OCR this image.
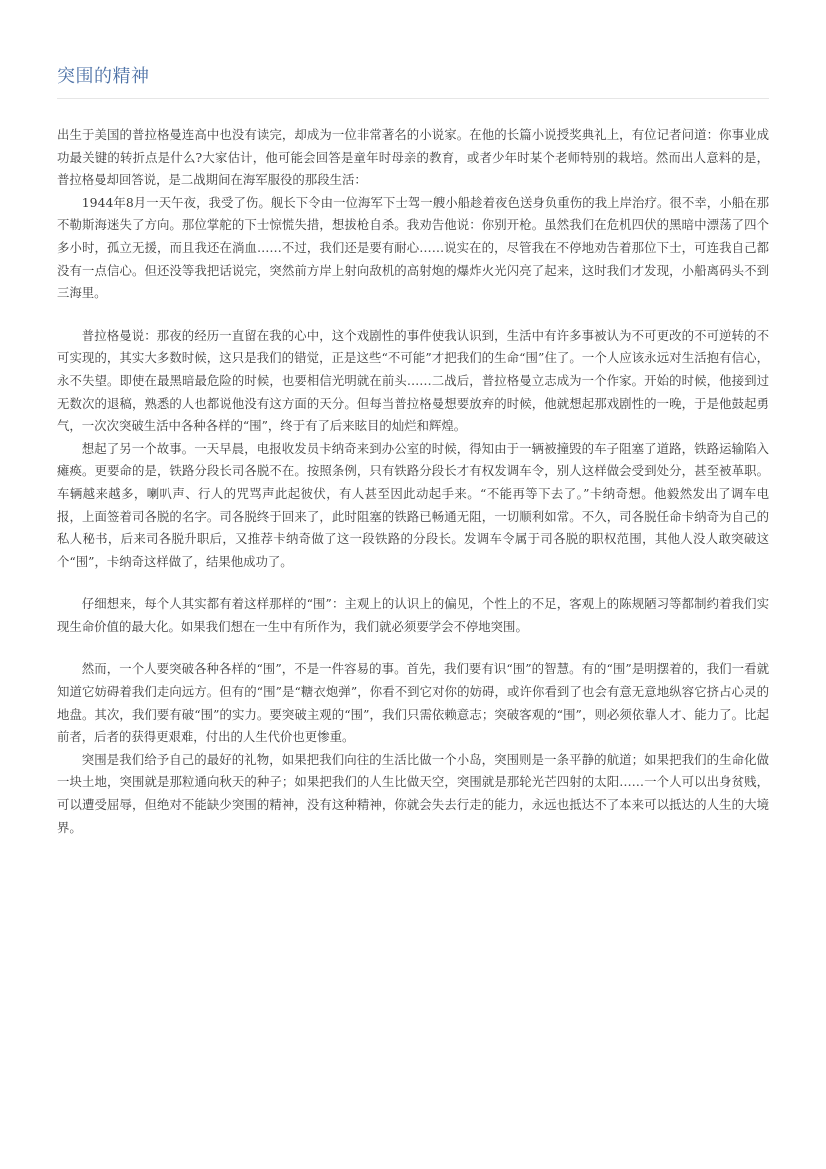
突围的精神

出生于美国的普拉格曼连高中也没有读完，却成为一位非常著名的小说家。在他的长篇小说授奖典礼上，有位记者问道：你事业成功最关键的转折点是什么?大家估计，他可能会回答是童年时母亲的教育，或者少年时某个老师特别的栽培。然而出人意料的是，普拉格曼却回答说，是二战期间在海军服役的那段生活：

1944年8月一天午夜，我受了伤。舰长下令由一位海军下士驾一艘小船趁着夜色送身负重伤的我上岸治疗。很不幸，小船在那不勒斯海迷失了方向。那位掌舵的下士惊慌失措，想拔枪自杀。我劝告他说：你别开枪。虽然我们在危机四伏的黑暗中漂荡了四个多小时，孤立无援，而且我还在淌血……不过，我们还是要有耐心……说实在的，尽管我在不停地劝告着那位下士，可连我自己都没有一点信心。但还没等我把话说完，突然前方岸上射向敌机的高射炮的爆炸火光闪亮了起来，这时我们才发现，小船离码头不到三海里。

普拉格曼说：那夜的经历一直留在我的心中，这个戏剧性的事件使我认识到，生活中有许多事被认为不可更改的不可逆转的不可实现的，其实大多数时候，这只是我们的错觉，正是这些“不可能”才把我们的生命“围”住了。一个人应该永远对生活抱有信心，永不失望。即使在最黑暗最危险的时候，也要相信光明就在前头……二战后，普拉格曼立志成为一个作家。开始的时候，他接到过无数次的退稿，熟悉的人也都说他没有这方面的天分。但每当普拉格曼想要放弃的时候，他就想起那戏剧性的一晚，于是他鼓起勇气，一次次突破生活中各种各样的“围”，终于有了后来眩目的灿烂和辉煌。

想起了另一个故事。一天早晨，电报收发员卡纳奇来到办公室的时候，得知由于一辆被撞毁的车子阻塞了道路，铁路运输陷入瘫痪。更要命的是，铁路分段长司各脱不在。按照条例，只有铁路分段长才有权发调车令，别人这样做会受到处分，甚至被革职。车辆越来越多，喇叭声、行人的咒骂声此起彼伏，有人甚至因此动起手来。“不能再等下去了。”卡纳奇想。他毅然发出了调车电报，上面签着司各脱的名字。司各脱终于回来了，此时阻塞的铁路已畅通无阻，一切顺利如常。不久，司各脱任命卡纳奇为自己的私人秘书，后来司各脱升职后，又推荐卡纳奇做了这一段铁路的分段长。发调车令属于司各脱的职权范围，其他人没人敢突破这个“围”，卡纳奇这样做了，结果他成功了。

仔细想来，每个人其实都有着这样那样的“围”：主观上的认识上的偏见，个性上的不足，客观上的陈规陋习等都制约着我们实现生命价值的最大化。如果我们想在一生中有所作为，我们就必须要学会不停地突围。

然而，一个人要突破各种各样的“围”，不是一件容易的事。首先，我们要有识“围”的智慧。有的“围”是明摆着的，我们一看就知道它妨碍着我们走向远方。但有的“围”是“糖衣炮弹”，你看不到它对你的妨碍，或许你看到了也会有意无意地纵容它挤占心灵的地盘。其次，我们要有破“围”的实力。要突破主观的“围”，我们只需依赖意志；突破客观的“围”，则必须依靠人才、能力了。比起前者，后者的获得更艰难，付出的人生代价也更惨重。

突围是我们给予自己的最好的礼物，如果把我们向往的生活比做一个小岛，突围则是一条平静的航道；如果把我们的生命化做一块土地，突围就是那粒通向秋天的种子；如果把我们的人生比做天空，突围就是那轮光芒四射的太阳……一个人可以出身贫贱，可以遭受屈辱，但绝对不能缺少突围的精神，没有这种精神，你就会失去行走的能力，永远也抵达不了本来可以抵达的人生的大境界。
